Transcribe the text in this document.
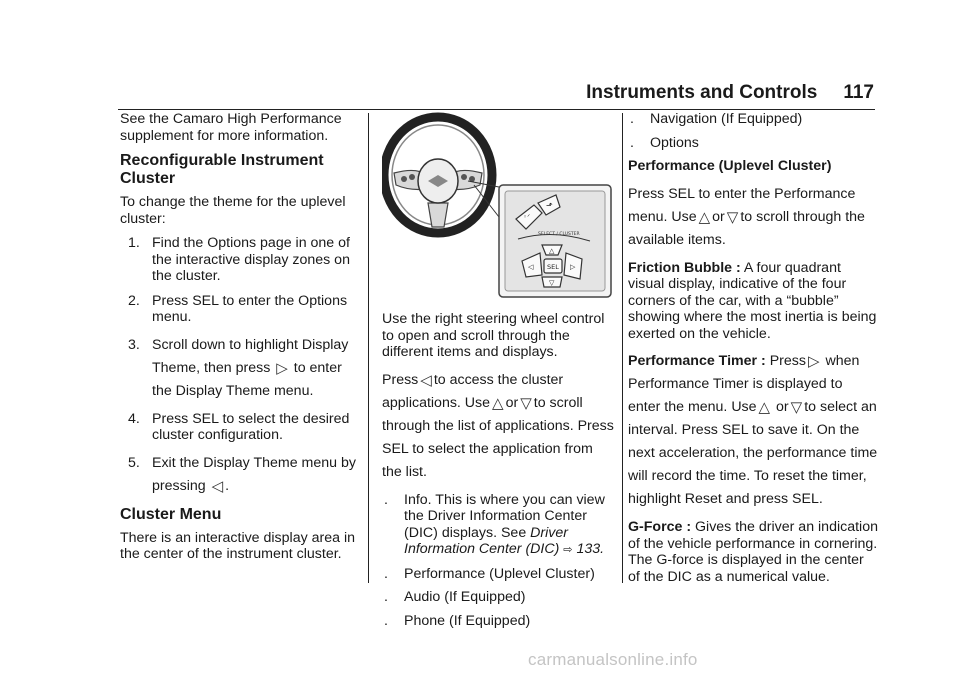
Instruments and Controls 117

See the Camaro High Performance supplement for more information.

Reconfigurable Instrument Cluster

To change the theme for the uplevel cluster:

1. Find the Options page in one of the interactive display zones on the cluster.
2. Press SEL to enter the Options menu.
3. Scroll down to highlight Display Theme, then press ▷ to enter the Display Theme menu.
4. Press SEL to select the desired cluster configuration.
5. Exit the Display Theme menu by pressing ◁ .
Cluster Menu

There is an interactive display area in the center of the instrument cluster.

◦ᐟ
⬏
SELECT / CLUSTER
△
◁ SEL ▷
▽

Use the right steering wheel control to open and scroll through the different items and displays.

Press ◁ to access the cluster applications. Use △ or ▽ to scroll through the list of applications. Press SEL to select the application from the list.

. Info. This is where you can view the Driver Information Center (DIC) displays. See Driver Information Center (DIC) ⇨ 133.
. Performance (Uplevel Cluster)
. Audio (If Equipped)
. Phone (If Equipped)
. Navigation (If Equipped)
. Options

Performance (Uplevel Cluster)

Press SEL to enter the Performance menu. Use △ or ▽ to scroll through the available items.

Friction Bubble : A four quadrant visual display, indicative of the four corners of the car, with a “bubble” showing where the most inertia is being exerted on the vehicle.

Performance Timer : Press ▷ when Performance Timer is displayed to enter the menu. Use △ or ▽ to select an interval. Press SEL to save it. On the next acceleration, the performance time will record the time. To reset the timer, highlight Reset and press SEL.

G-Force : Gives the driver an indication of the vehicle performance in cornering. The G-force is displayed in the center of the DIC as a numerical value.

carmanualsonline.info
